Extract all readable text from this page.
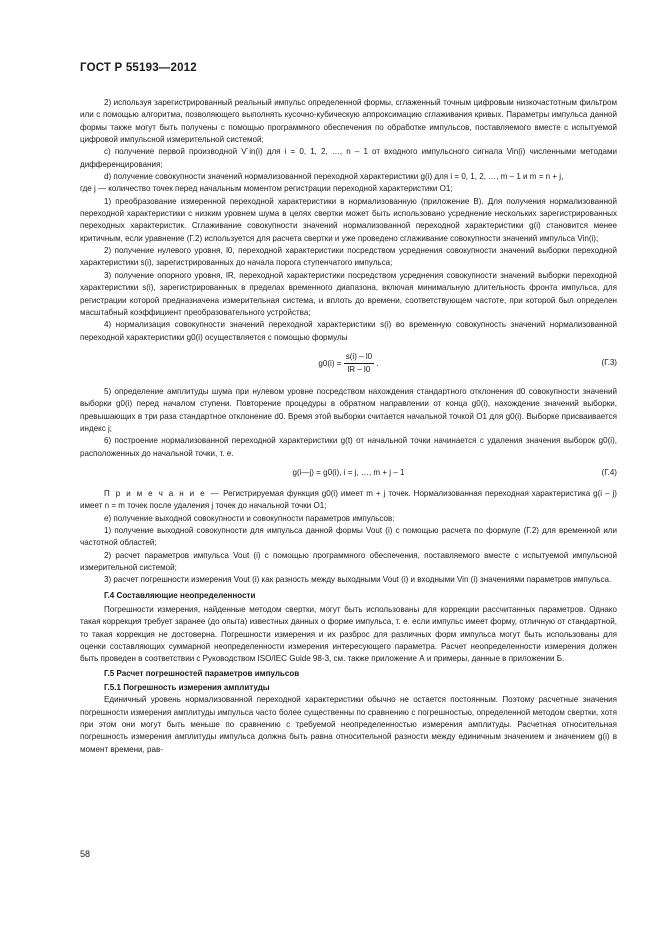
ГОСТ Р 55193—2012

2) используя зарегистрированный реальный импульс определенной формы, сглаженный точным цифровым низкочастотным фильтром или с помощью алгоритма, позволяющего выполнять кусочно-кубическую аппроксимацию сглаживания кривых. Параметры импульса данной формы также могут быть получены с помощью программного обеспечения по обработке импульсов, поставляемого вместе с испытуемой цифровой импульсной измерительной системой;

с) получение первой производной V´in(i) для i = 0, 1, 2, …, n – 1 от входного импульсного сигнала Vin(i) численными методами дифференцирования;

d) получение совокупности значений нормализованной переходной характеристики g(i) для i = 0, 1, 2, …, m – 1 и m = n + j,

где j — количество точек перед начальным моментом регистрации переходной характеристики O1;

1) преобразование измеренной переходной характеристики в нормализованную (приложение В). Для получения нормализованной переходной характеристики с низким уровнем шума в целях свертки может быть использовано усреднение нескольких зарегистрированных переходных характеристик. Сглаживание совокупности значений нормализованной переходной характеристики g(i) становится менее критичным, если уравнение (Г.2) используется для расчета свертки и уже проведено сглаживание совокупности значений импульса Vin(i);

2) получение нулевого уровня, l0, переходной характеристики посредством усреднения совокупности значений выборки переходной характеристики s(i), зарегистрированных до начала порога ступенчатого импульса;

3) получение опорного уровня, lR, переходной характеристики посредством усреднения совокупности значений выборки переходной характеристики s(i), зарегистрированных в пределах временного диапазона, включая минимальную длительность фронта импульса, для регистрации которой предназначена измерительная система, и вплоть до времени, соответствующем частоте, при которой был определен масштабный коэффициент преобразовательного устройства;

4) нормализация совокупности значений переходной характеристики s(i) во временную совокупность значений нормализованной переходной характеристики g0(i) осуществляется с помощью формулы

$g0(i) = \frac{s(i) - l0}{lR - l0}$ .	(Г.3)

5) определение амплитуды шума при нулевом уровне посредством нахождения стандартного отклонения d0 совокупности значений выборки g0(i) перед началом ступени. Повторение процедуры в обратном направлении от конца g0(i), нахождение значений выборки, превышающих в три раза стандартное отклонение d0. Время этой выборки считается начальной точкой O1 для g0(i). Выборке присваивается индекс j;

6) построение нормализованной переходной характеристики g(t) от начальной точки начинается с удаления значения выборок g0(i), расположенных до начальной точки, т. е.

g(i—j) = g0(i), i = j, …, m + j – 1	(Г.4)

П р и м е ч а н и е — Регистрируемая функция g0(i) имеет m + j точек. Нормализованная переходная характеристика g(i – j) имеет n = m точек после удаления j точек до начальной точки O1;

е) получение выходной совокупности и совокупности параметров импульсов:

1) получение выходной совокупности для импульса данной формы Vout (i) с помощью расчета по формуле (Г.2) для временной или частотной областей;

2) расчет параметров импульса Vout (i) с помощью программного обеспечения, поставляемого вместе с испытуемой импульсной измерительной системой;

3) расчет погрешности измерения Vout (i) как разность между выходными Vout (i) и входными Vin (i) значениями параметров импульса.

Г.4 Составляющие неопределенности

Погрешности измерения, найденные методом свертки, могут быть использованы для коррекции рассчитанных параметров. Однако такая коррекция требует заранее (до опыта) известных данных о форме импульса, т. е. если импульс имеет форму, отличную от стандартной, то такая коррекция не достоверна. Погрешности измерения и их разброс для различных форм импульса могут быть использованы для оценки составляющих суммарной неопределенности измерения интересующего параметра. Расчет неопределенности измерения должен быть проведен в соответствии с Руководством ISO/IEC Guide 98-3, см. также приложение А и примеры, данные в приложении Б.

Г.5 Расчет погрешностей параметров импульсов

Г.5.1 Погрешность измерения амплитуды

Единичный уровень нормализованной переходной характеристики обычно не остается постоянным. Поэтому расчетные значения погрешности измерения амплитуды импульса часто более существенны по сравнению с погрешностью, определенной методом свертки, хотя при этом они могут быть меньше по сравнению с требуемой неопределенностью измерения амплитуды. Расчетная относительная погрешность измерения амплитуды импульса должна быть равна относительной разности между единичным значением и значением g(i) в момент времени, рав-

58
